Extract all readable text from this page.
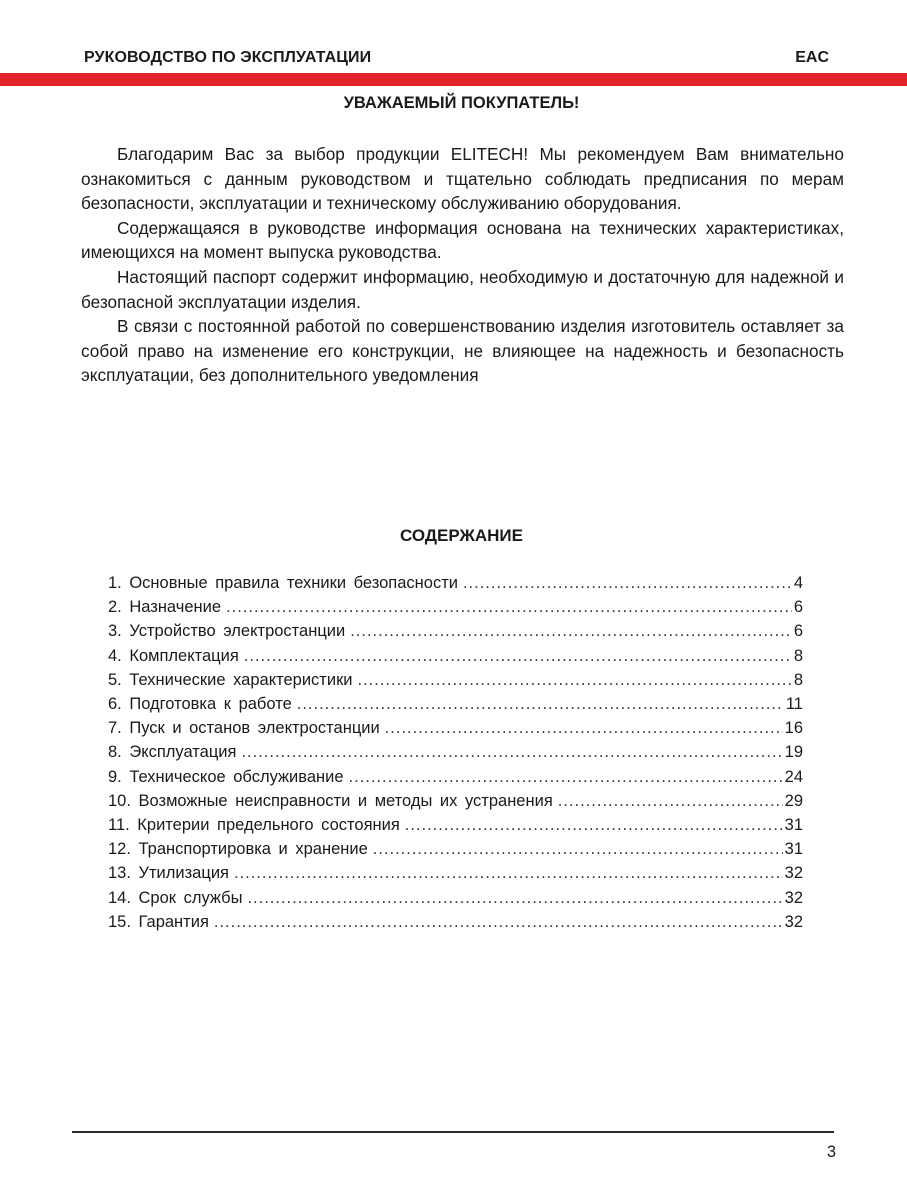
РУКОВОДСТВО ПО ЭКСПЛУАТАЦИИ	EAC
УВАЖАЕМЫЙ ПОКУПАТЕЛЬ!

Благодарим Вас за выбор продукции ELITECH! Мы рекомендуем Вам внимательно ознакомиться с данным руководством и тщательно соблюдать предписания по мерам безопасности, эксплуатации и техническому обслуживанию оборудования.

Содержащаяся в руководстве информация основана на технических характеристиках, имеющихся на момент выпуска руководства.

Настоящий паспорт содержит информацию, необходимую и достаточную для надежной и безопасной эксплуатации изделия.

В связи с постоянной работой по совершенствованию изделия изготовитель оставляет за собой право на изменение его конструкции, не влияющее на надежность и безопасность эксплуатации, без дополнительного уведомления

СОДЕРЖАНИЕ
1. Основные правила техники безопасности .....	4
2. Назначение .....	6
3. Устройство электростанции .....	6
4. Комплектация .....	8
5. Технические характеристики .....	8
6. Подготовка к работе .....	11
7. Пуск и останов электростанции .....	16
8. Эксплуатация .....	19
9. Техническое обслуживание .....	24
10. Возможные неисправности и методы их устранения .....	29
11. Критерии предельного состояния .....	31
12. Транспортировка и хранение .....	31
13. Утилизация .....	32
14. Срок службы .....	32
15. Гарантия .....	32
3
